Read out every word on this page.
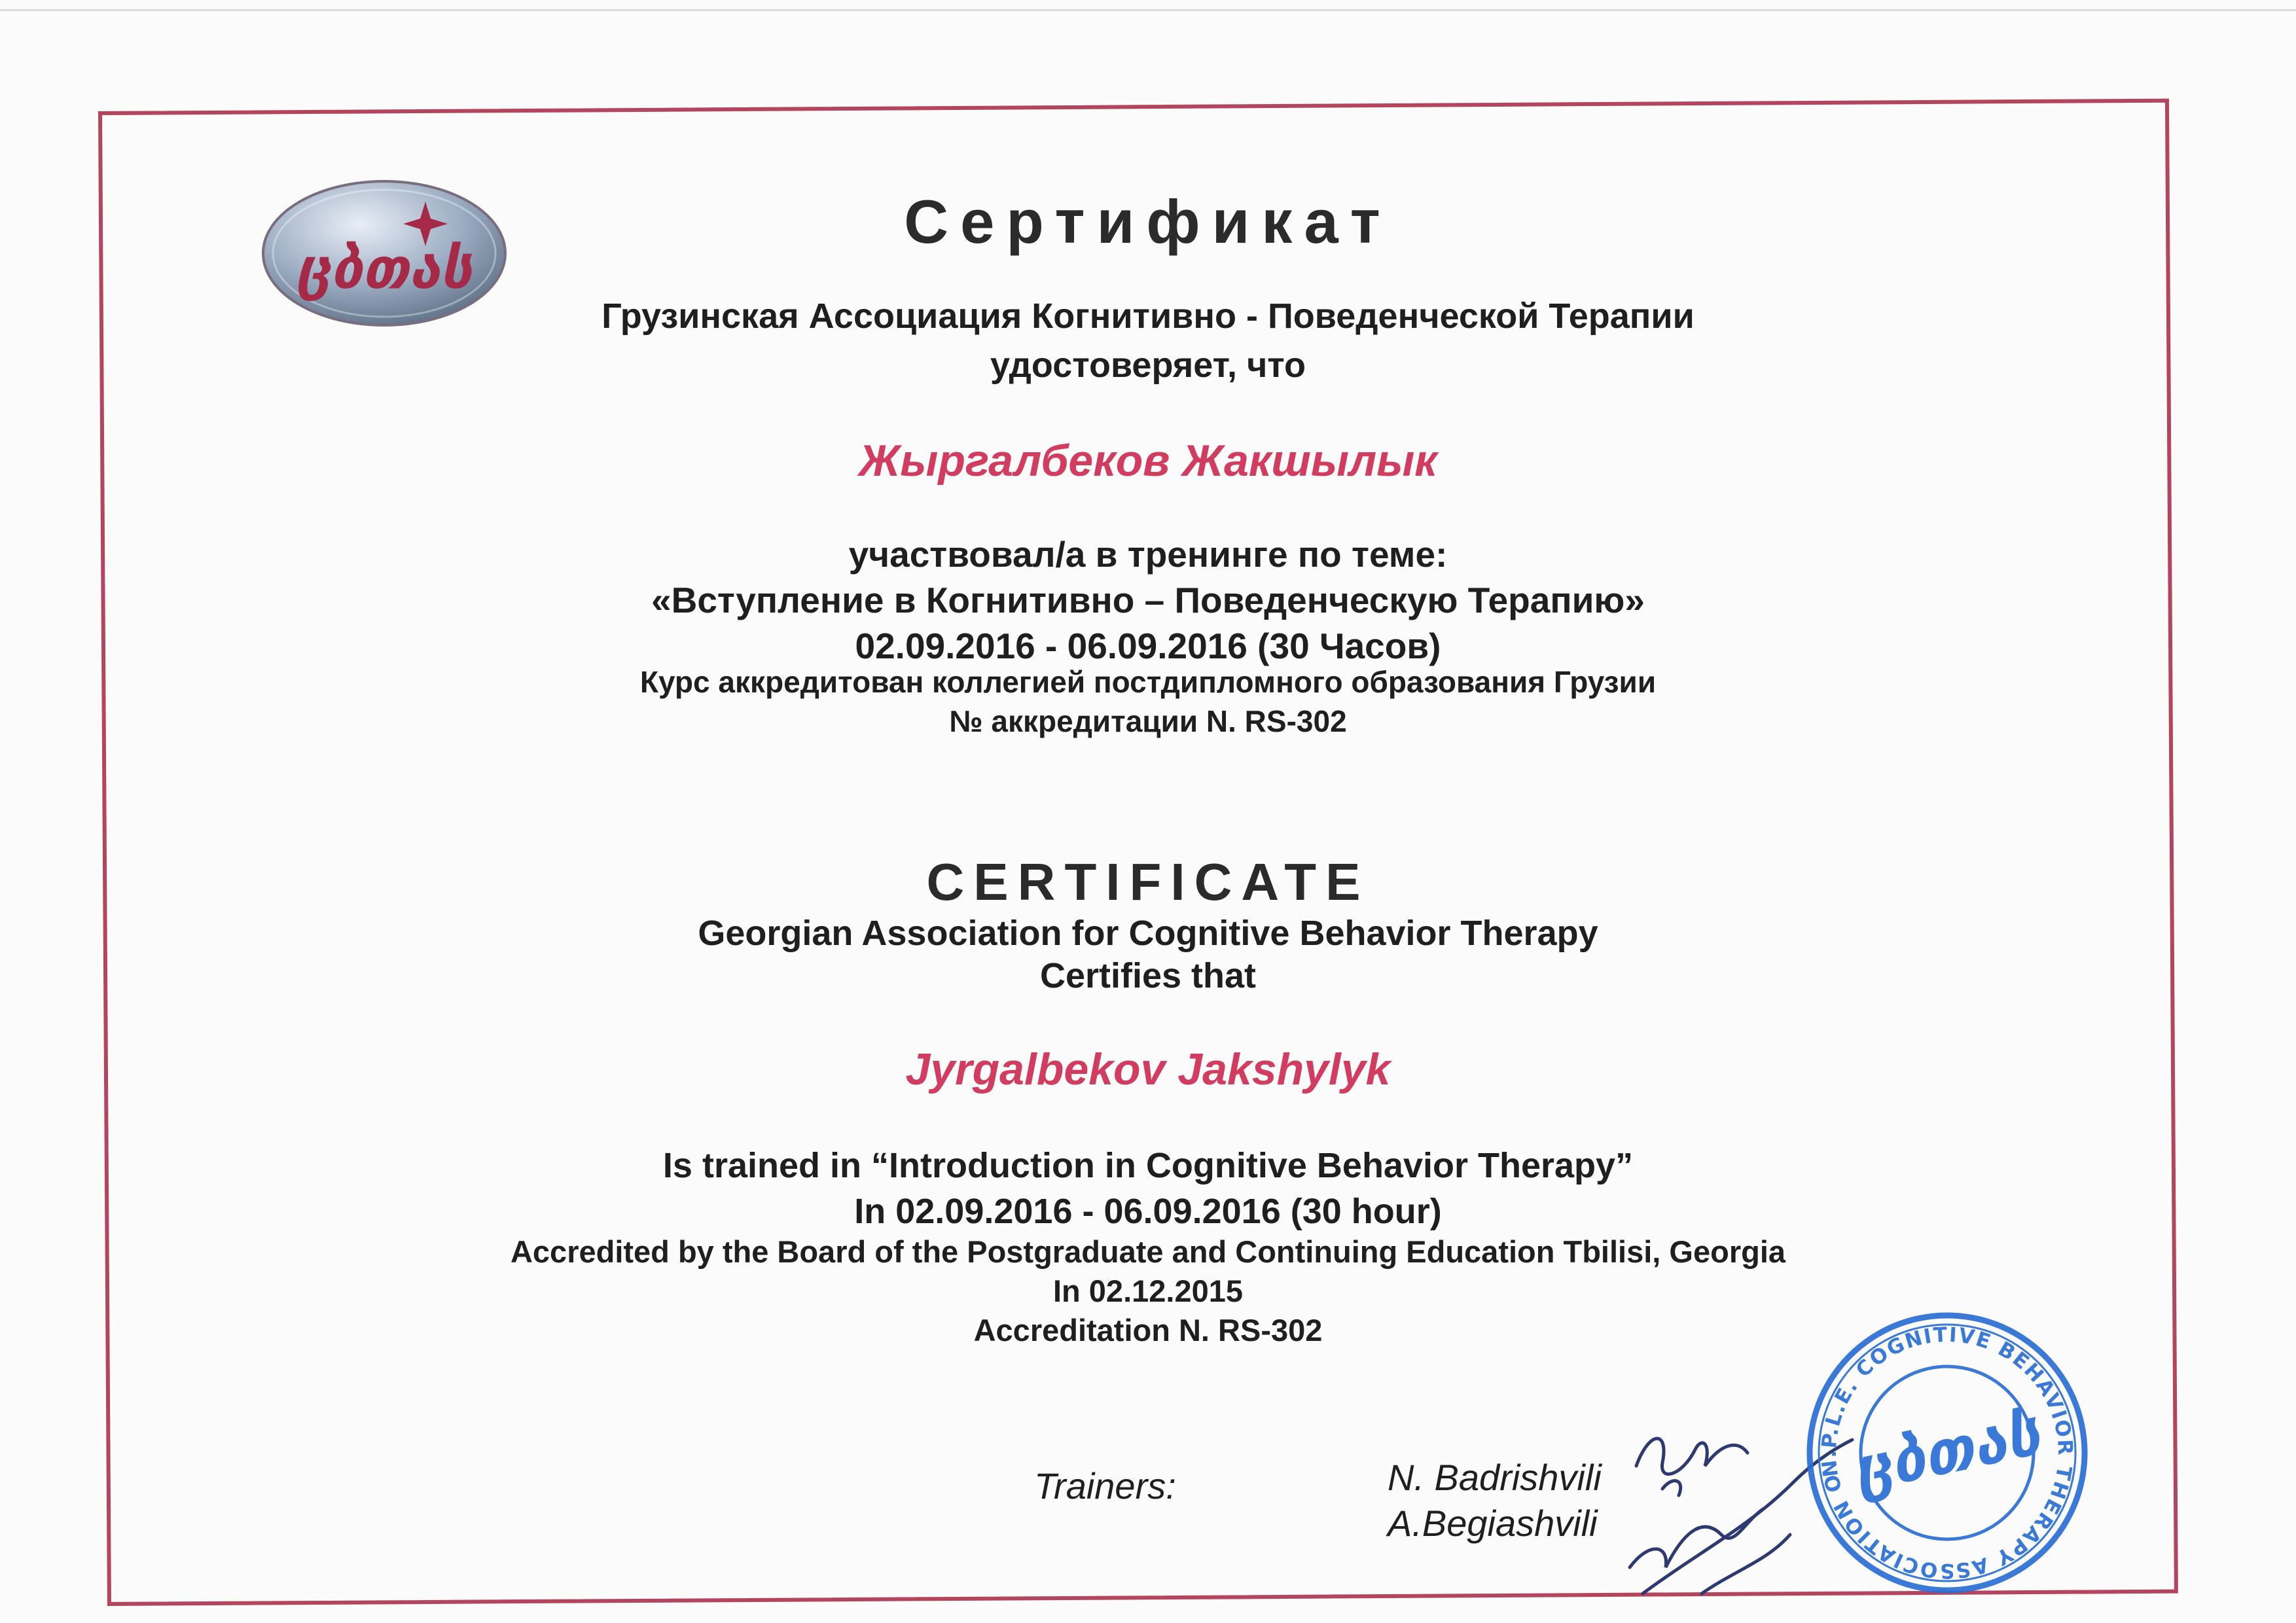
ცბთას
Сертификат
Грузинская Ассоциация Когнитивно - Поведенческой Терапии
удостоверяет, что
Жыргалбеков Жакшылык
участвовал/а в тренинге по теме:
«Вступление в Когнитивно – Поведенческую Терапию»
02.09.2016 - 06.09.2016 (30 Часов)
Курс аккредитован коллегией постдипломного образования Грузии
№ аккредитации N. RS-302
CERTIFICATE
Georgian Association for Cognitive Behavior Therapy
Certifies that
Jyrgalbekov Jakshylyk
Is trained in “Introduction in Cognitive Behavior Therapy”
In 02.09.2016 - 06.09.2016 (30 hour)
Accredited by the Board of the Postgraduate and Continuing Education Tbilisi, Georgia
In 02.12.2015
Accreditation N. RS-302
Trainers:	N. Badrishvili
A.Begiashvili
N.P.L.E. COGNITIVE BEHAVIOR THERAPY ASSOCIATION OF
ცბთას
